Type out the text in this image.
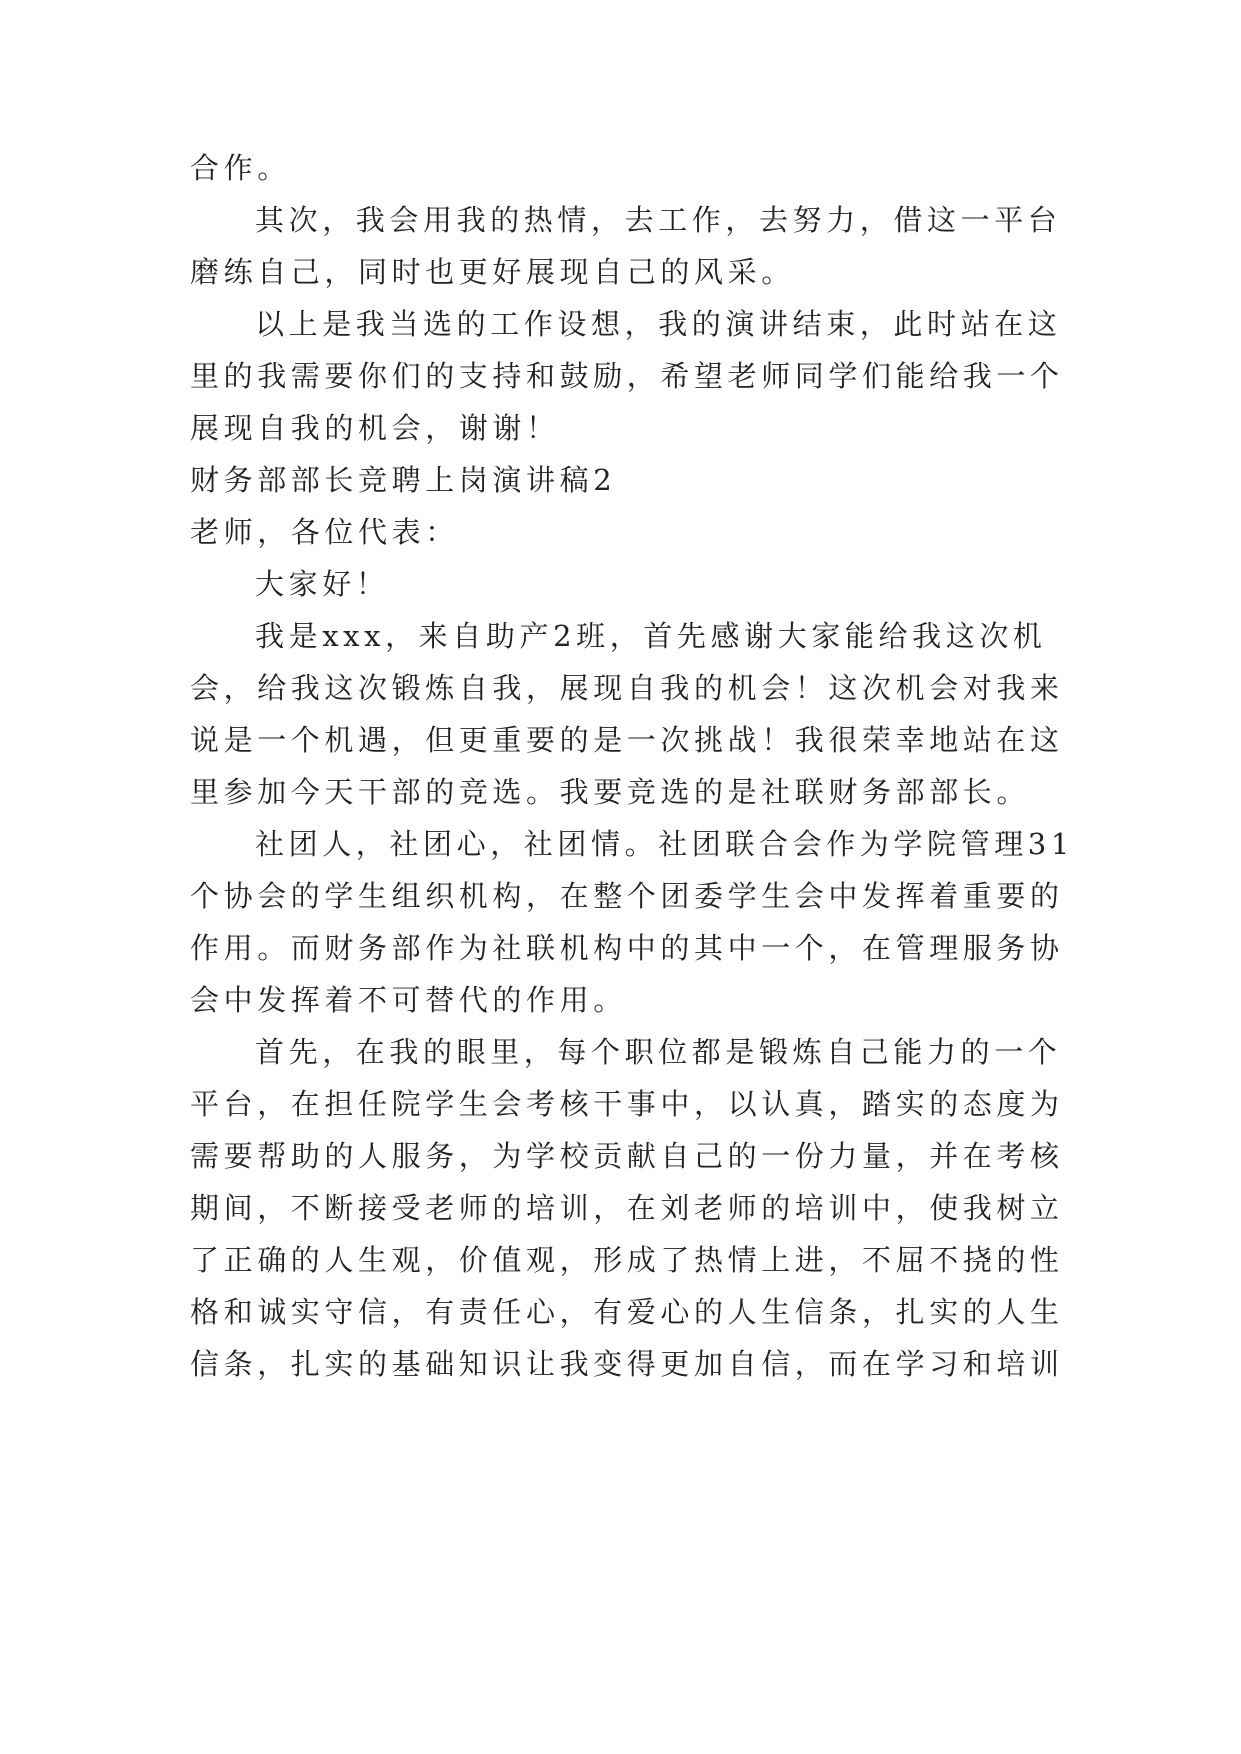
合作。
其次，我会用我的热情，去工作，去努力，借这一平台
磨练自己，同时也更好展现自己的风采。
以上是我当选的工作设想，我的演讲结束，此时站在这
里的我需要你们的支持和鼓励，希望老师同学们能给我一个
展现自我的机会，谢谢！
财务部部长竞聘上岗演讲稿2
老师，各位代表：
大家好！
我是xxx，来自助产2班，首先感谢大家能给我这次机
会，给我这次锻炼自我，展现自我的机会！这次机会对我来
说是一个机遇，但更重要的是一次挑战！我很荣幸地站在这
里参加今天干部的竞选。我要竞选的是社联财务部部长。
社团人，社团心，社团情。社团联合会作为学院管理31
个协会的学生组织机构，在整个团委学生会中发挥着重要的
作用。而财务部作为社联机构中的其中一个，在管理服务协
会中发挥着不可替代的作用。
首先，在我的眼里，每个职位都是锻炼自己能力的一个
平台，在担任院学生会考核干事中，以认真，踏实的态度为
需要帮助的人服务，为学校贡献自己的一份力量，并在考核
期间，不断接受老师的培训，在刘老师的培训中，使我树立
了正确的人生观，价值观，形成了热情上进，不屈不挠的性
格和诚实守信，有责任心，有爱心的人生信条，扎实的人生
信条，扎实的基础知识让我变得更加自信，而在学习和培训
